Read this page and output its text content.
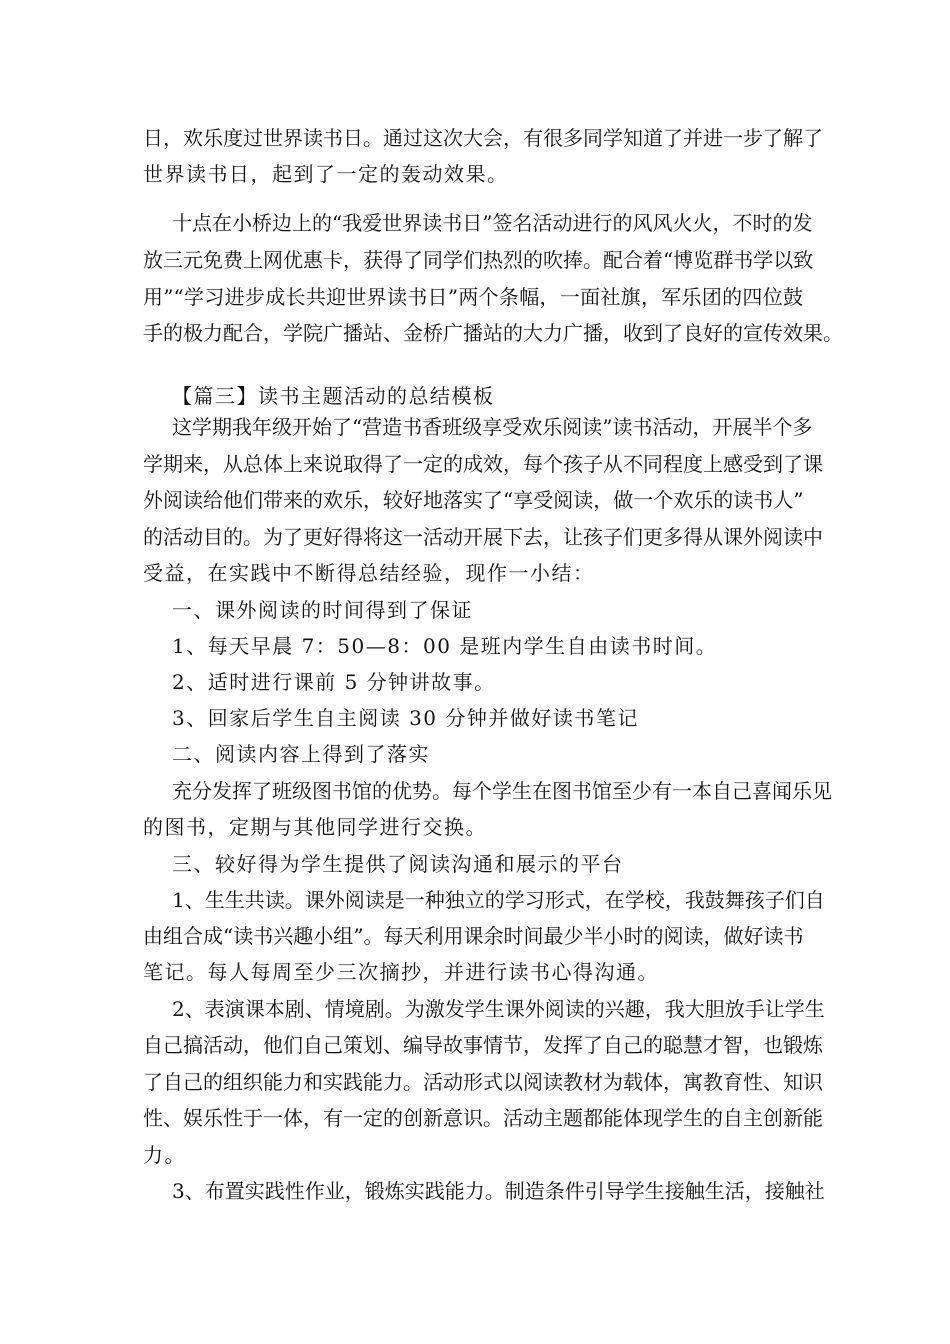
日，欢乐度过世界读书日。通过这次大会，有很多同学知道了并进一步了解了
世界读书日，起到了一定的轰动效果。
十点在小桥边上的“我爱世界读书日”签名活动进行的风风火火，不时的发
放三元免费上网优惠卡，获得了同学们热烈的吹捧。配合着“博览群书学以致
用”“学习进步成长共迎世界读书日”两个条幅，一面社旗，军乐团的四位鼓
手的极力配合，学院广播站、金桥广播站的大力广播，收到了良好的宣传效果。
【篇三】读书主题活动的总结模板
这学期我年级开始了“营造书香班级享受欢乐阅读”读书活动，开展半个多
学期来，从总体上来说取得了一定的成效，每个孩子从不同程度上感受到了课
外阅读给他们带来的欢乐，较好地落实了“享受阅读，做一个欢乐的读书人”
的活动目的。为了更好得将这一活动开展下去，让孩子们更多得从课外阅读中
受益，在实践中不断得总结经验，现作一小结：
一、课外阅读的时间得到了保证
1、每天早晨 7：50—8：00 是班内学生自由读书时间。
2、适时进行课前 5 分钟讲故事。
3、回家后学生自主阅读 30 分钟并做好读书笔记
二、阅读内容上得到了落实
充分发挥了班级图书馆的优势。每个学生在图书馆至少有一本自己喜闻乐见
的图书，定期与其他同学进行交换。
三、较好得为学生提供了阅读沟通和展示的平台
1、生生共读。课外阅读是一种独立的学习形式，在学校，我鼓舞孩子们自
由组合成“读书兴趣小组”。每天利用课余时间最少半小时的阅读，做好读书
笔记。每人每周至少三次摘抄，并进行读书心得沟通。
2、表演课本剧、情境剧。为激发学生课外阅读的兴趣，我大胆放手让学生
自己搞活动，他们自己策划、编导故事情节，发挥了自己的聪慧才智，也锻炼
了自己的组织能力和实践能力。活动形式以阅读教材为载体，寓教育性、知识
性、娱乐性于一体，有一定的创新意识。活动主题都能体现学生的自主创新能
力。
3、布置实践性作业，锻炼实践能力。制造条件引导学生接触生活，接触社
